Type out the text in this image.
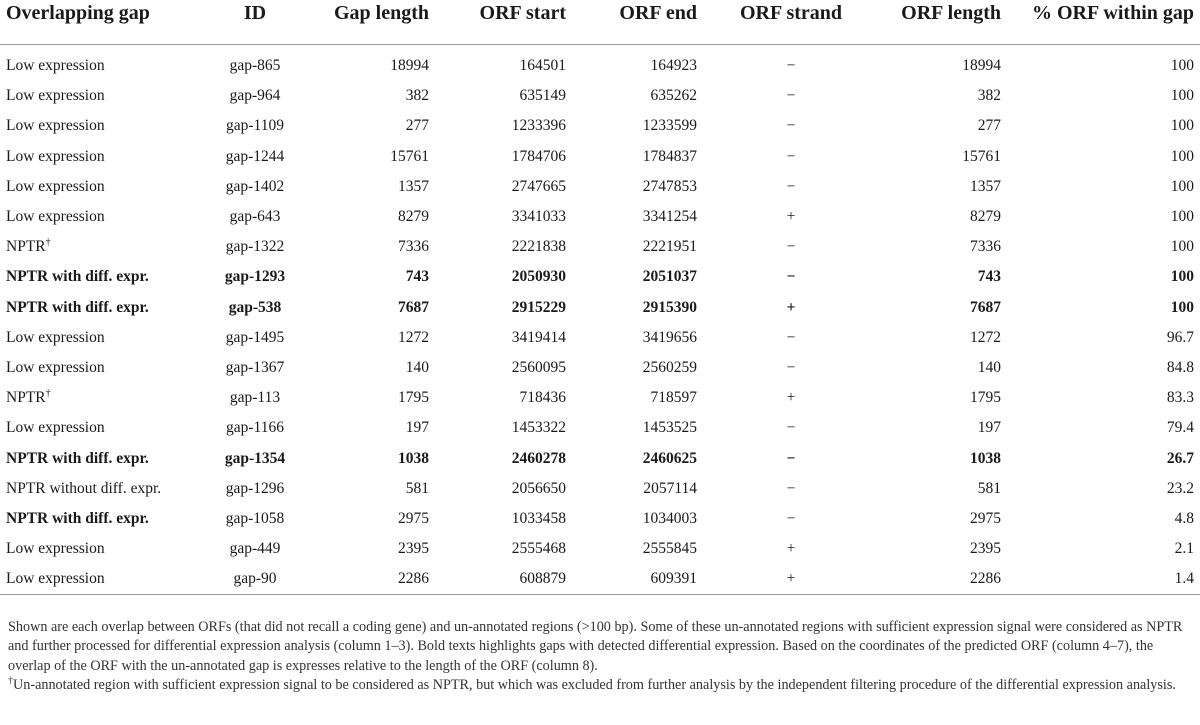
Overlapping gap	ID	Gap length	ORF start	ORF end	ORF strand	ORF length	% ORF within gap
Low expression	gap-865	18994	164501	164923	−	18994	100
Low expression	gap-964	382	635149	635262	−	382	100
Low expression	gap-1109	277	1233396	1233599	−	277	100
Low expression	gap-1244	15761	1784706	1784837	−	15761	100
Low expression	gap-1402	1357	2747665	2747853	−	1357	100
Low expression	gap-643	8279	3341033	3341254	+	8279	100
NPTR†	gap-1322	7336	2221838	2221951	−	7336	100
NPTR with diff. expr.	gap-1293	743	2050930	2051037	−	743	100
NPTR with diff. expr.	gap-538	7687	2915229	2915390	+	7687	100
Low expression	gap-1495	1272	3419414	3419656	−	1272	96.7
Low expression	gap-1367	140	2560095	2560259	−	140	84.8
NPTR†	gap-113	1795	718436	718597	+	1795	83.3
Low expression	gap-1166	197	1453322	1453525	−	197	79.4
NPTR with diff. expr.	gap-1354	1038	2460278	2460625	−	1038	26.7
NPTR without diff. expr.	gap-1296	581	2056650	2057114	−	581	23.2
NPTR with diff. expr.	gap-1058	2975	1033458	1034003	−	2975	4.8
Low expression	gap-449	2395	2555468	2555845	+	2395	2.1
Low expression	gap-90	2286	608879	609391	+	2286	1.4

Shown are each overlap between ORFs (that did not recall a coding gene) and un-annotated regions (>100 bp). Some of these un-annotated regions with sufficient expression signal were considered as NPTR and further processed for differential expression analysis (column 1–3). Bold texts highlights gaps with detected differential expression. Based on the coordinates of the predicted ORF (column 4–7), the overlap of the ORF with the un-annotated gap is expresses relative to the length of the ORF (column 8).

†Un-annotated region with sufficient expression signal to be considered as NPTR, but which was excluded from further analysis by the independent filtering procedure of the differential expression analysis.
